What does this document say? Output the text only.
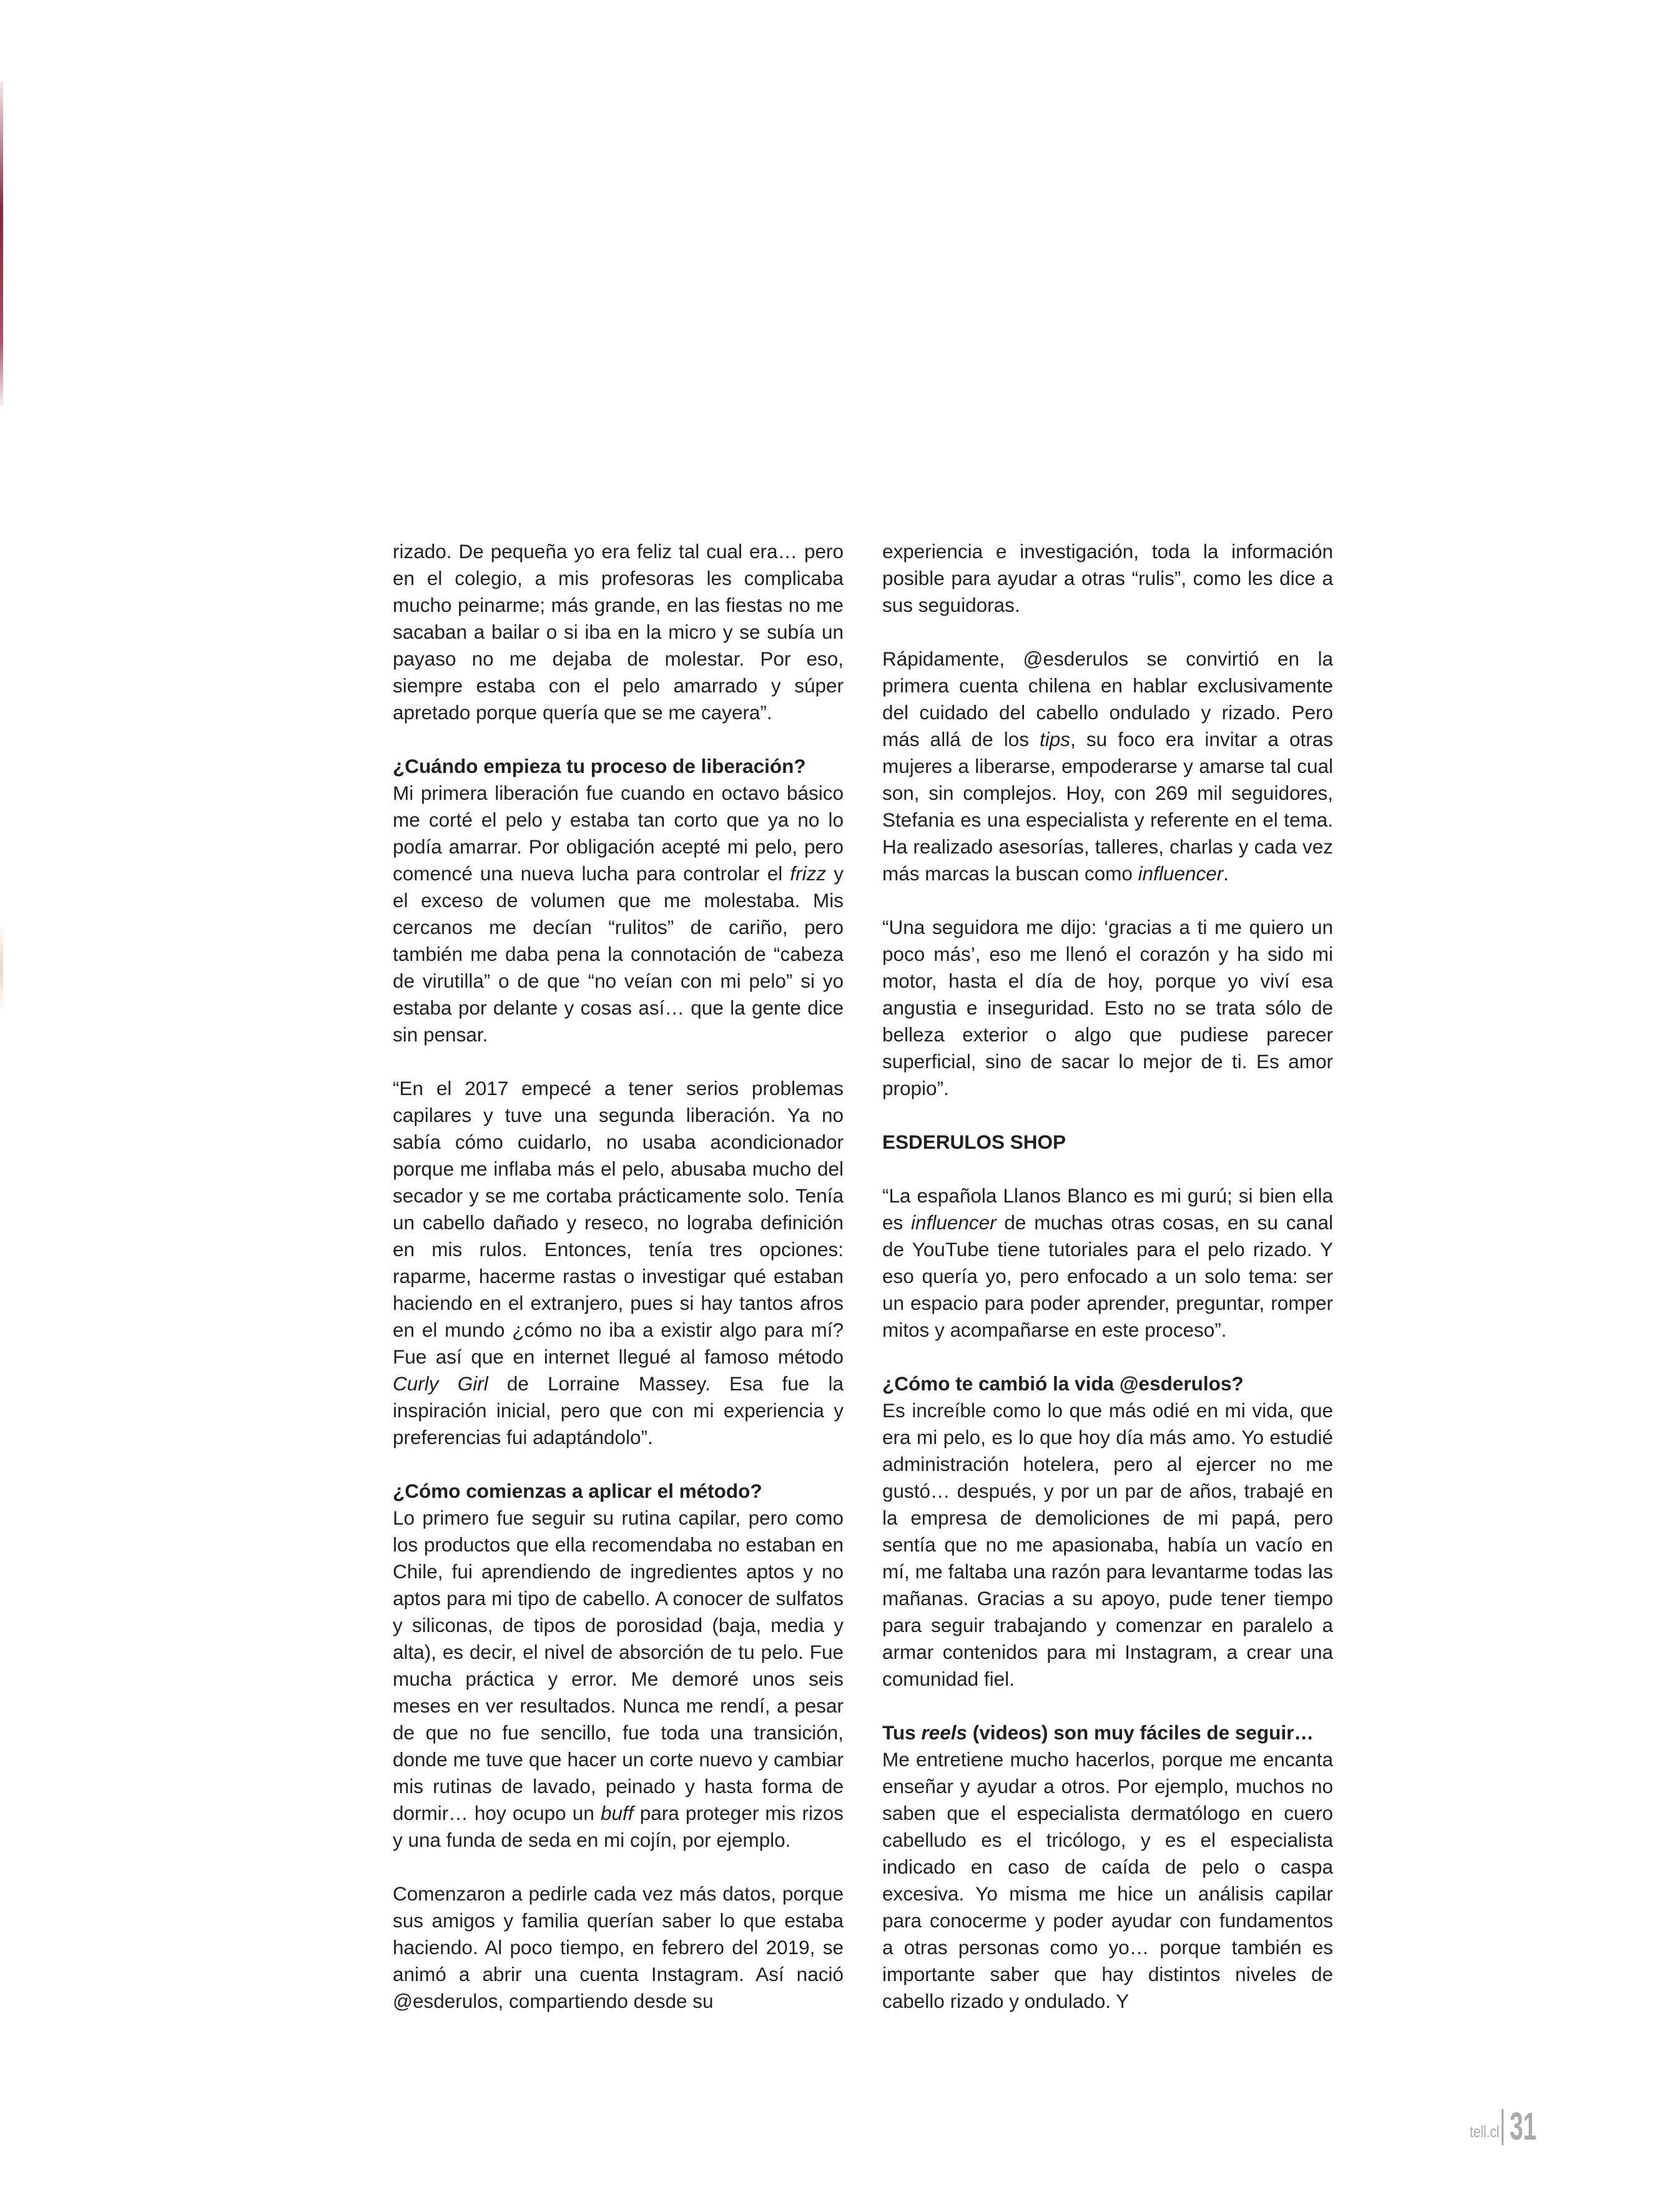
rizado. De pequeña yo era feliz tal cual era… pero en el colegio, a mis profesoras les complicaba mucho peinarme; más grande, en las fiestas no me sacaban a bailar o si iba en la micro y se subía un payaso no me dejaba de molestar. Por eso, siempre estaba con el pelo amarrado y súper apretado porque quería que se me cayera”.

¿Cuándo empieza tu proceso de liberación?

Mi primera liberación fue cuando en octavo básico me corté el pelo y estaba tan corto que ya no lo podía amarrar. Por obligación acepté mi pelo, pero comencé una nueva lucha para controlar el frizz y el exceso de volumen que me molestaba. Mis cercanos me decían “rulitos” de cariño, pero también me daba pena la connotación de “cabeza de virutilla” o de que “no veían con mi pelo” si yo estaba por delante y cosas así… que la gente dice sin pensar.

“En el 2017 empecé a tener serios problemas capilares y tuve una segunda liberación. Ya no sabía cómo cuidarlo, no usaba acondicionador porque me inflaba más el pelo, abusaba mucho del secador y se me cortaba prácticamente solo. Tenía un cabello dañado y reseco, no lograba definición en mis rulos. Entonces, tenía tres opciones: raparme, hacerme rastas o investigar qué estaban haciendo en el extranjero, pues si hay tantos afros en el mundo ¿cómo no iba a existir algo para mí? Fue así que en internet llegué al famoso método Curly Girl de Lorraine Massey. Esa fue la inspiración inicial, pero que con mi experiencia y preferencias fui adaptándolo”.

¿Cómo comienzas a aplicar el método?

Lo primero fue seguir su rutina capilar, pero como los productos que ella recomendaba no estaban en Chile, fui aprendiendo de ingredientes aptos y no aptos para mi tipo de cabello. A conocer de sulfatos y siliconas, de tipos de porosidad (baja, media y alta), es decir, el nivel de absorción de tu pelo. Fue mucha práctica y error. Me demoré unos seis meses en ver resultados. Nunca me rendí, a pesar de que no fue sencillo, fue toda una transición, donde me tuve que hacer un corte nuevo y cambiar mis rutinas de lavado, peinado y hasta forma de dormir… hoy ocupo un buff para proteger mis rizos y una funda de seda en mi cojín, por ejemplo.

Comenzaron a pedirle cada vez más datos, porque sus amigos y familia querían saber lo que estaba haciendo. Al poco tiempo, en febrero del 2019, se animó a abrir una cuenta Instagram. Así nació @esderulos, compartiendo desde su

experiencia e investigación, toda la información posible para ayudar a otras “rulis”, como les dice a sus seguidoras.

Rápidamente, @esderulos se convirtió en la primera cuenta chilena en hablar exclusivamente del cuidado del cabello ondulado y rizado. Pero más allá de los tips, su foco era invitar a otras mujeres a liberarse, empoderarse y amarse tal cual son, sin complejos. Hoy, con 269 mil seguidores, Stefania es una especialista y referente en el tema. Ha realizado asesorías, talleres, charlas y cada vez más marcas la buscan como influencer.

“Una seguidora me dijo: ‘gracias a ti me quiero un poco más’, eso me llenó el corazón y ha sido mi motor, hasta el día de hoy, porque yo viví esa angustia e inseguridad. Esto no se trata sólo de belleza exterior o algo que pudiese parecer superficial, sino de sacar lo mejor de ti. Es amor propio”.

ESDERULOS SHOP

“La española Llanos Blanco es mi gurú; si bien ella es influencer de muchas otras cosas, en su canal de YouTube tiene tutoriales para el pelo rizado. Y eso quería yo, pero enfocado a un solo tema: ser un espacio para poder aprender, preguntar, romper mitos y acompañarse en este proceso”.

¿Cómo te cambió la vida @esderulos?

Es increíble como lo que más odié en mi vida, que era mi pelo, es lo que hoy día más amo. Yo estudié administración hotelera, pero al ejercer no me gustó… después, y por un par de años, trabajé en la empresa de demoliciones de mi papá, pero sentía que no me apasionaba, había un vacío en mí, me faltaba una razón para levantarme todas las mañanas. Gracias a su apoyo, pude tener tiempo para seguir trabajando y comenzar en paralelo a armar contenidos para mi Instagram, a crear una comunidad fiel.

Tus reels (videos) son muy fáciles de seguir…

Me entretiene mucho hacerlos, porque me encanta enseñar y ayudar a otros. Por ejemplo, muchos no saben que el especialista dermatólogo en cuero cabelludo es el tricólogo, y es el especialista indicado en caso de caída de pelo o caspa excesiva. Yo misma me hice un análisis capilar para conocerme y poder ayudar con fundamentos a otras personas como yo… porque también es importante saber que hay distintos niveles de cabello rizado y ondulado. Y

tell.cl 31
